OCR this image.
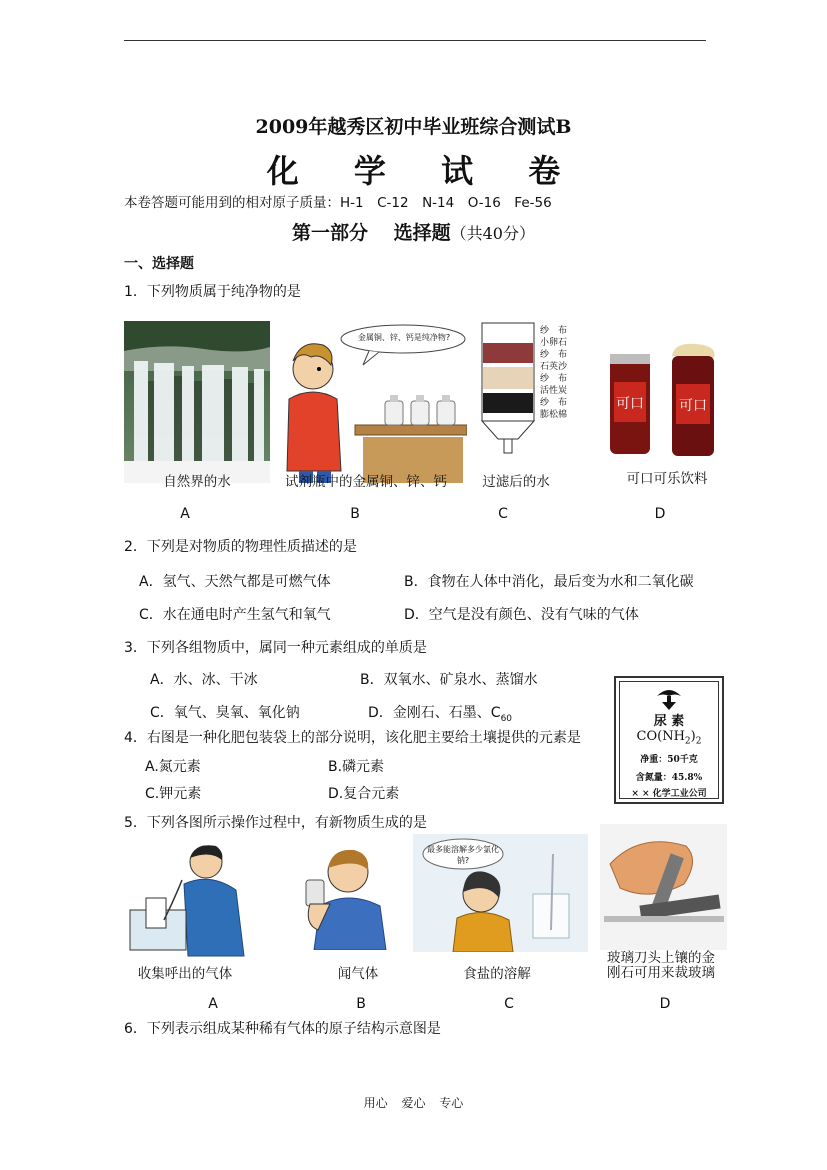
2009年越秀区初中毕业班综合测试B
化 学 试 卷
本卷答题可能用到的相对原子质量：H-1　C-12　N-14　O-16　Fe-56
第一部分　 选择题（共40分）
一、选择题
1．下列物质属于纯净物的是
自然界的水
金属铜、锌、钙是纯净物?
试剂瓶中的金属铜、锌、钙
纱　布
小卵石
纱　布
石英沙
纱　布
活性炭
纱　布
膨松棉
过滤后的水
可口	可口
可口可乐饮料
A	B	C	D
2．下列是对物质的物理性质描述的是
A．氢气、天然气都是可燃气体	B．食物在人体中消化，最后变为水和二氧化碳
C．水在通电时产生氢气和氧气	D．空气是没有颜色、没有气味的气体
3．下列各组物质中，属同一种元素组成的单质是
A．水、冰、干冰	B．双氧水、矿泉水、蒸馏水
C．氧气、臭氧、氧化钠	D．金刚石、石墨、$C_{60}$
4．右图是一种化肥包装袋上的部分说明，该化肥主要给土壤提供的元素是
A.氮元素	B.磷元素
C.钾元素	D.复合元素
尿 素
$CO(NH_2)_2$
净重：50千克
含氮量：45.8%
× × 化学工业公司
5．下列各图所示操作过程中，有新物质生成的是
收集呼出的气体	闻气体
最多能溶解多少氯化钠?
食盐的溶解
玻璃刀头上镶的金
刚石可用来裁玻璃
A	B	C	D
6．下列表示组成某种稀有气体的原子结构示意图是
用心 爱心 专心
